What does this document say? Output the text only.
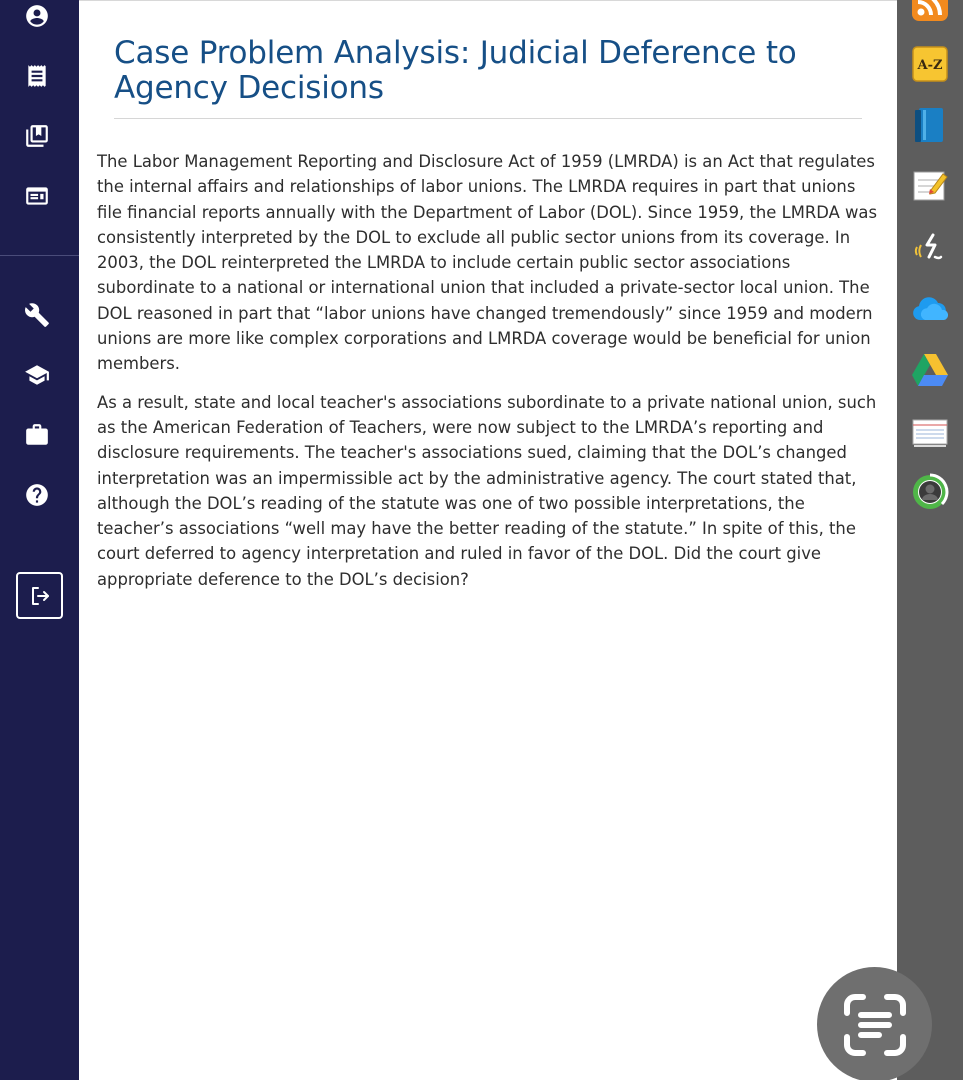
Case Problem Analysis: Judicial Deference to Agency Decisions

The Labor Management Reporting and Disclosure Act of 1959 (LMRDA) is an Act that regulates the internal affairs and relationships of labor unions. The LMRDA requires in part that unions file financial reports annually with the Department of Labor (DOL). Since 1959, the LMRDA was consistently interpreted by the DOL to exclude all public sector unions from its coverage. In 2003, the DOL reinterpreted the LMRDA to include certain public sector associations subordinate to a national or international union that included a private-sector local union. The DOL reasoned in part that “labor unions have changed tremendously” since 1959 and modern unions are more like complex corporations and LMRDA coverage would be beneficial for union members.

As a result, state and local teacher's associations subordinate to a private national union, such as the American Federation of Teachers, were now subject to the LMRDA’s reporting and disclosure requirements. The teacher's associations sued, claiming that the DOL’s changed interpretation was an impermissible act by the administrative agency. The court stated that, although the DOL’s reading of the statute was one of two possible interpretations, the teacher’s associations “well may have the better reading of the statute.” In spite of this, the court deferred to agency interpretation and ruled in favor of the DOL. Did the court give appropriate deference to the DOL’s decision?

A-Z
